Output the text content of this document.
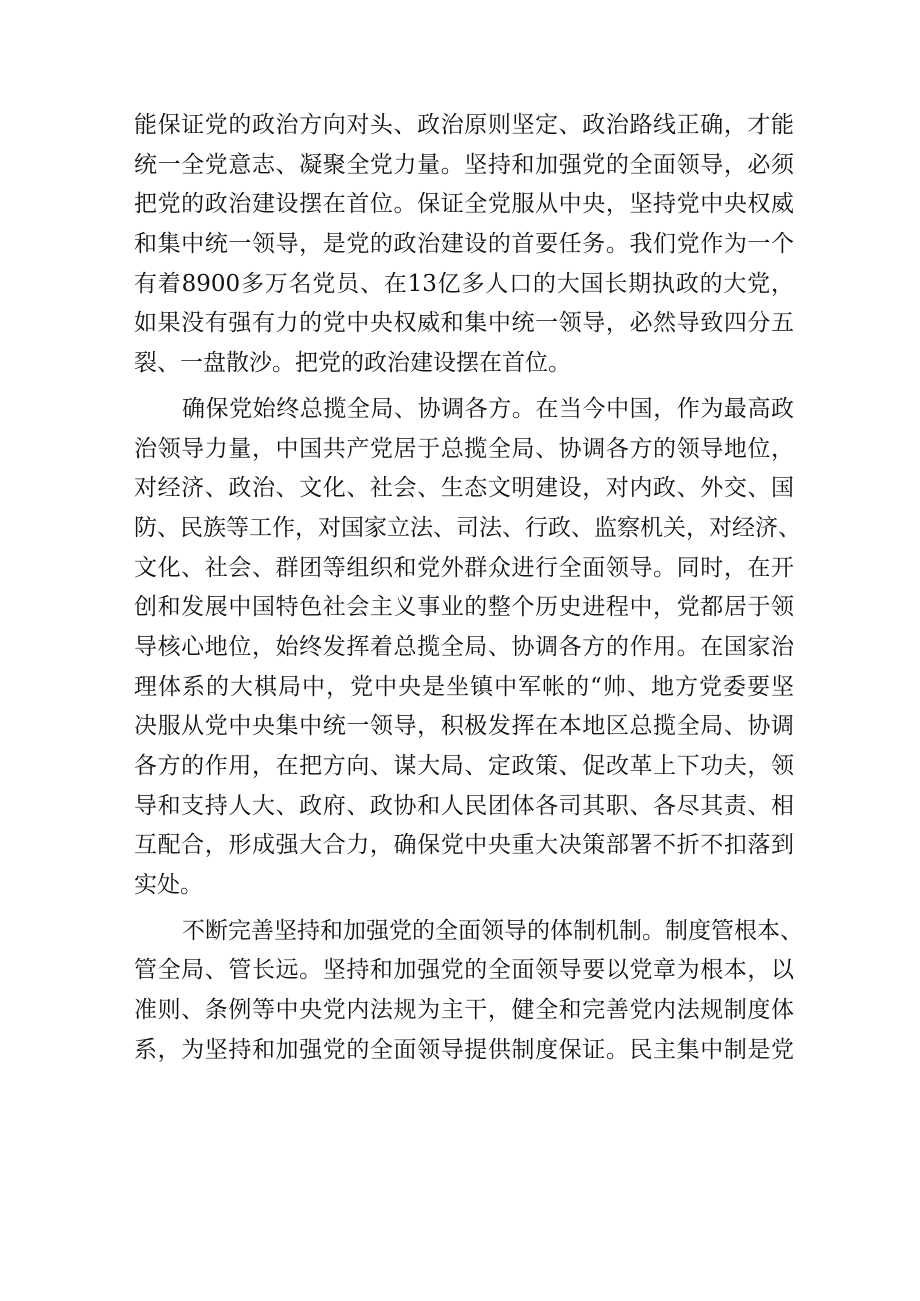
能保证党的政治方向对头、政治原则坚定、政治路线正确，才能
统一全党意志、凝聚全党力量。坚持和加强党的全面领导，必须
把党的政治建设摆在首位。保证全党服从中央，坚持党中央权威
和集中统一领导，是党的政治建设的首要任务。我们党作为一个
有着8900多万名党员、在13亿多人口的大国长期执政的大党，
如果没有强有力的党中央权威和集中统一领导，必然导致四分五
裂、一盘散沙。把党的政治建设摆在首位。
确保党始终总揽全局、协调各方。在当今中国，作为最高政
治领导力量，中国共产党居于总揽全局、协调各方的领导地位，
对经济、政治、文化、社会、生态文明建设，对内政、外交、国
防、民族等工作，对国家立法、司法、行政、监察机关，对经济、
文化、社会、群团等组织和党外群众进行全面领导。同时，在开
创和发展中国特色社会主义事业的整个历史进程中，党都居于领
导核心地位，始终发挥着总揽全局、协调各方的作用。在国家治
理体系的大棋局中，党中央是坐镇中军帐的“帅、地方党委要坚
决服从党中央集中统一领导，积极发挥在本地区总揽全局、协调
各方的作用，在把方向、谋大局、定政策、促改革上下功夫，领
导和支持人大、政府、政协和人民团体各司其职、各尽其责、相
互配合，形成强大合力，确保党中央重大决策部署不折不扣落到
实处。
不断完善坚持和加强党的全面领导的体制机制。制度管根本、
管全局、管长远。坚持和加强党的全面领导要以党章为根本，以
准则、条例等中央党内法规为主干，健全和完善党内法规制度体
系，为坚持和加强党的全面领导提供制度保证。民主集中制是党
